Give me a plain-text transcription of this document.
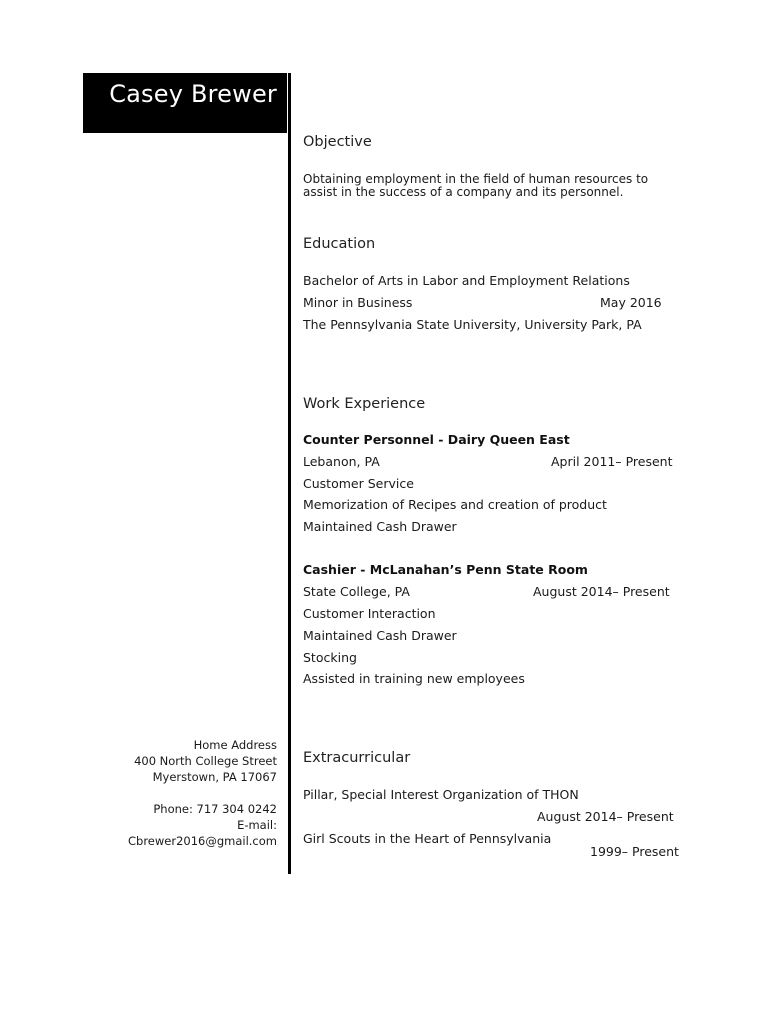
Casey Brewer
Home Address
400 North College Street
Myerstown, PA 17067
Phone: 717 304 0242
E-mail:
Cbrewer2016@gmail.com
Objective
Obtaining employment in the field of human resources to
assist in the success of a company and its personnel.
Education
Bachelor of Arts in Labor and Employment Relations
Minor in Business	May 2016
The Pennsylvania State University, University Park, PA
Work Experience
Counter Personnel - Dairy Queen East
Lebanon, PA	April 2011– Present
Customer Service
Memorization of Recipes and creation of product
Maintained Cash Drawer
Cashier - McLanahan’s Penn State Room
State College, PA	August 2014– Present
Customer Interaction
Maintained Cash Drawer
Stocking
Assisted in training new employees
Extracurricular
Pillar, Special Interest Organization of THON
August 2014– Present
Girl Scouts in the Heart of Pennsylvania
1999– Present
